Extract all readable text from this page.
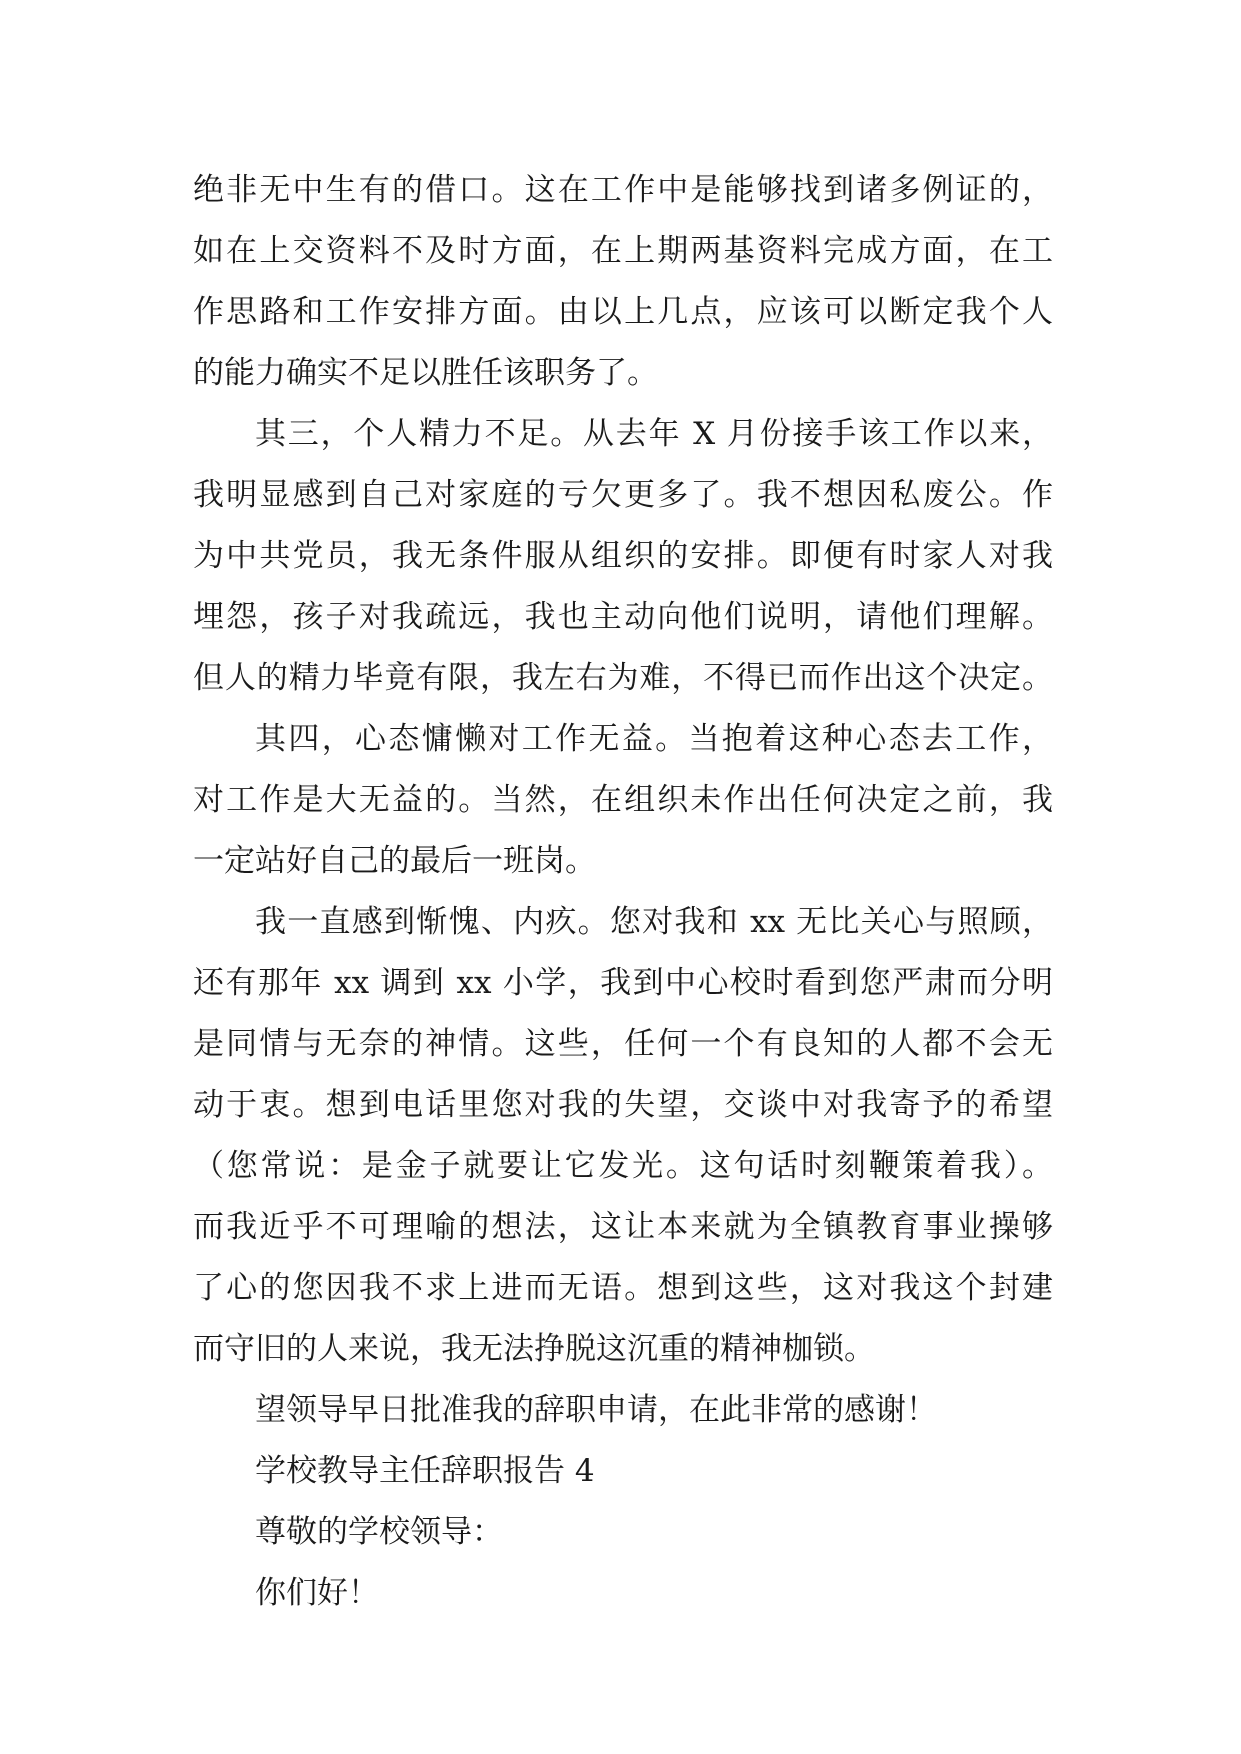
绝非无中生有的借口。这在工作中是能够找到诸多例证的，
如在上交资料不及时方面，在上期两基资料完成方面，在工
作思路和工作安排方面。由以上几点，应该可以断定我个人
的能力确实不足以胜任该职务了。
其三，个人精力不足。从去年 X 月份接手该工作以来，
我明显感到自己对家庭的亏欠更多了。我不想因私废公。作
为中共党员，我无条件服从组织的安排。即便有时家人对我
埋怨，孩子对我疏远，我也主动向他们说明，请他们理解。
但人的精力毕竟有限，我左右为难，不得已而作出这个决定。
其四，心态慵懒对工作无益。当抱着这种心态去工作，
对工作是大无益的。当然，在组织未作出任何决定之前，我
一定站好自己的最后一班岗。
我一直感到惭愧、内疚。您对我和 xx 无比关心与照顾，
还有那年 xx 调到 xx 小学，我到中心校时看到您严肃而分明
是同情与无奈的神情。这些，任何一个有良知的人都不会无
动于衷。想到电话里您对我的失望，交谈中对我寄予的希望
（您常说：是金子就要让它发光。这句话时刻鞭策着我）。
而我近乎不可理喻的想法，这让本来就为全镇教育事业操够
了心的您因我不求上进而无语。想到这些，这对我这个封建
而守旧的人来说，我无法挣脱这沉重的精神枷锁。
望领导早日批准我的辞职申请，在此非常的感谢！
学校教导主任辞职报告 4
尊敬的学校领导：
你们好！
